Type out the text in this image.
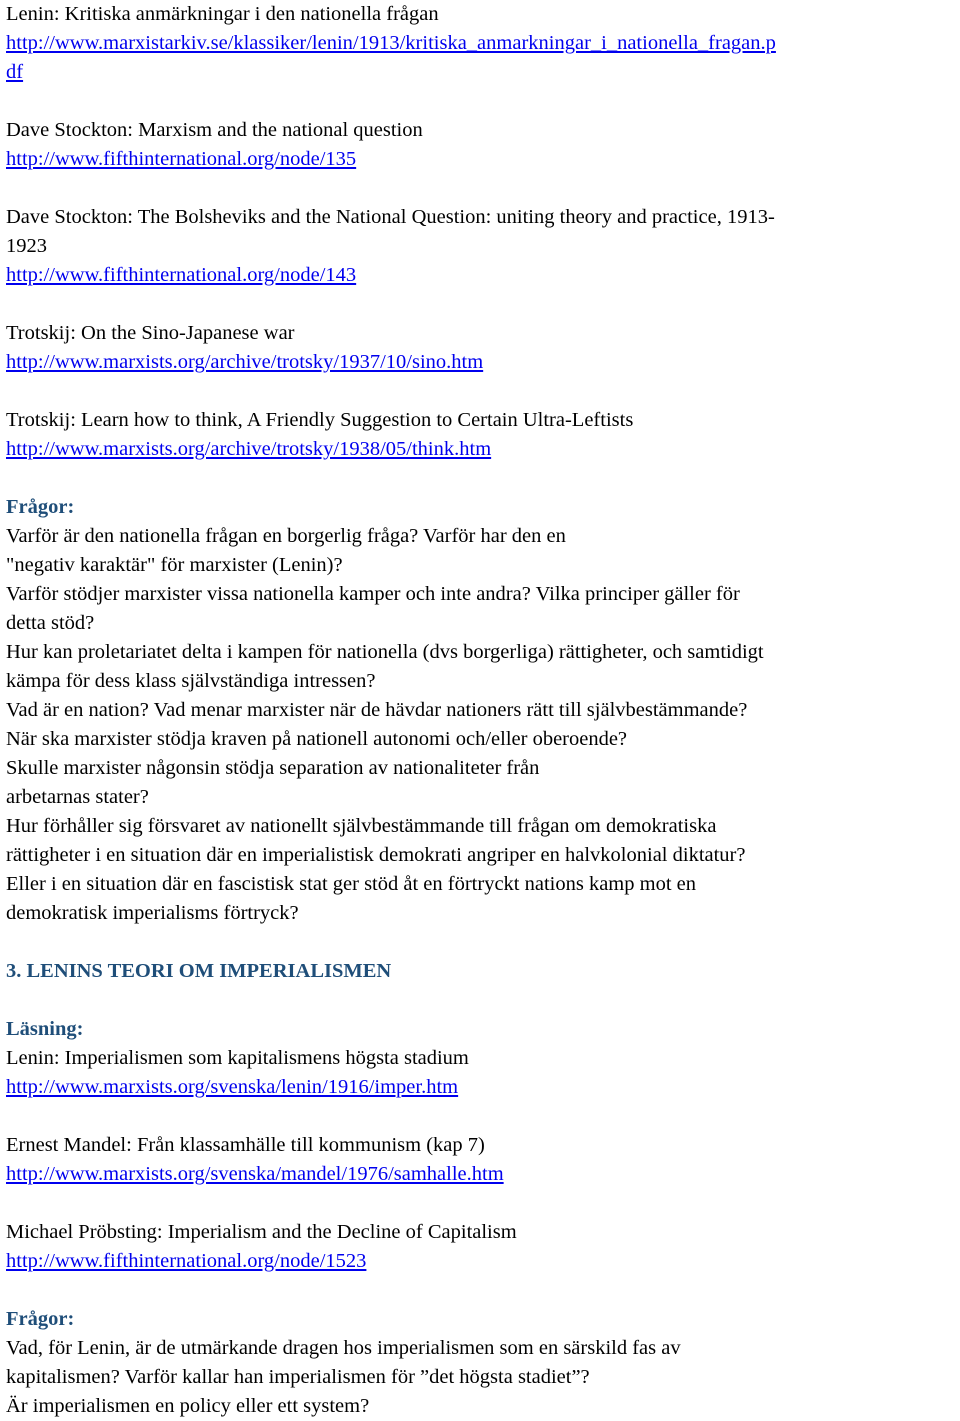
Lenin: Kritiska anmärkningar i den nationella frågan
http://www.marxistarkiv.se/klassiker/lenin/1913/kritiska_anmarkningar_i_nationella_fragan.p
df
Dave Stockton: Marxism and the national question
http://www.fifthinternational.org/node/135
Dave Stockton: The Bolsheviks and the National Question: uniting theory and practice, 1913-
1923
http://www.fifthinternational.org/node/143
Trotskij: On the Sino-Japanese war
http://www.marxists.org/archive/trotsky/1937/10/sino.htm
Trotskij: Learn how to think, A Friendly Suggestion to Certain Ultra-Leftists
http://www.marxists.org/archive/trotsky/1938/05/think.htm
Frågor:
Varför är den nationella frågan en borgerlig fråga? Varför har den en
"negativ karaktär" för marxister (Lenin)?
Varför stödjer marxister vissa nationella kamper och inte andra? Vilka principer gäller för
detta stöd?
Hur kan proletariatet delta i kampen för nationella (dvs borgerliga) rättigheter, och samtidigt
kämpa för dess klass självständiga intressen?
Vad är en nation? Vad menar marxister när de hävdar nationers rätt till självbestämmande?
När ska marxister stödja kraven på nationell autonomi och/eller oberoende?
Skulle marxister någonsin stödja separation av nationaliteter från
arbetarnas stater?
Hur förhåller sig försvaret av nationellt självbestämmande till frågan om demokratiska
rättigheter i en situation där en imperialistisk demokrati angriper en halvkolonial diktatur?
Eller i en situation där en fascistisk stat ger stöd åt en förtryckt nations kamp mot en
demokratisk imperialisms förtryck?
3. LENINS TEORI OM IMPERIALISMEN
Läsning:
Lenin: Imperialismen som kapitalismens högsta stadium
http://www.marxists.org/svenska/lenin/1916/imper.htm
Ernest Mandel: Från klassamhälle till kommunism (kap 7)
http://www.marxists.org/svenska/mandel/1976/samhalle.htm
Michael Pröbsting: Imperialism and the Decline of Capitalism
http://www.fifthinternational.org/node/1523
Frågor:
Vad, för Lenin, är de utmärkande dragen hos imperialismen som en särskild fas av
kapitalismen? Varför kallar han imperialismen för ”det högsta stadiet”?
Är imperialismen en policy eller ett system?
